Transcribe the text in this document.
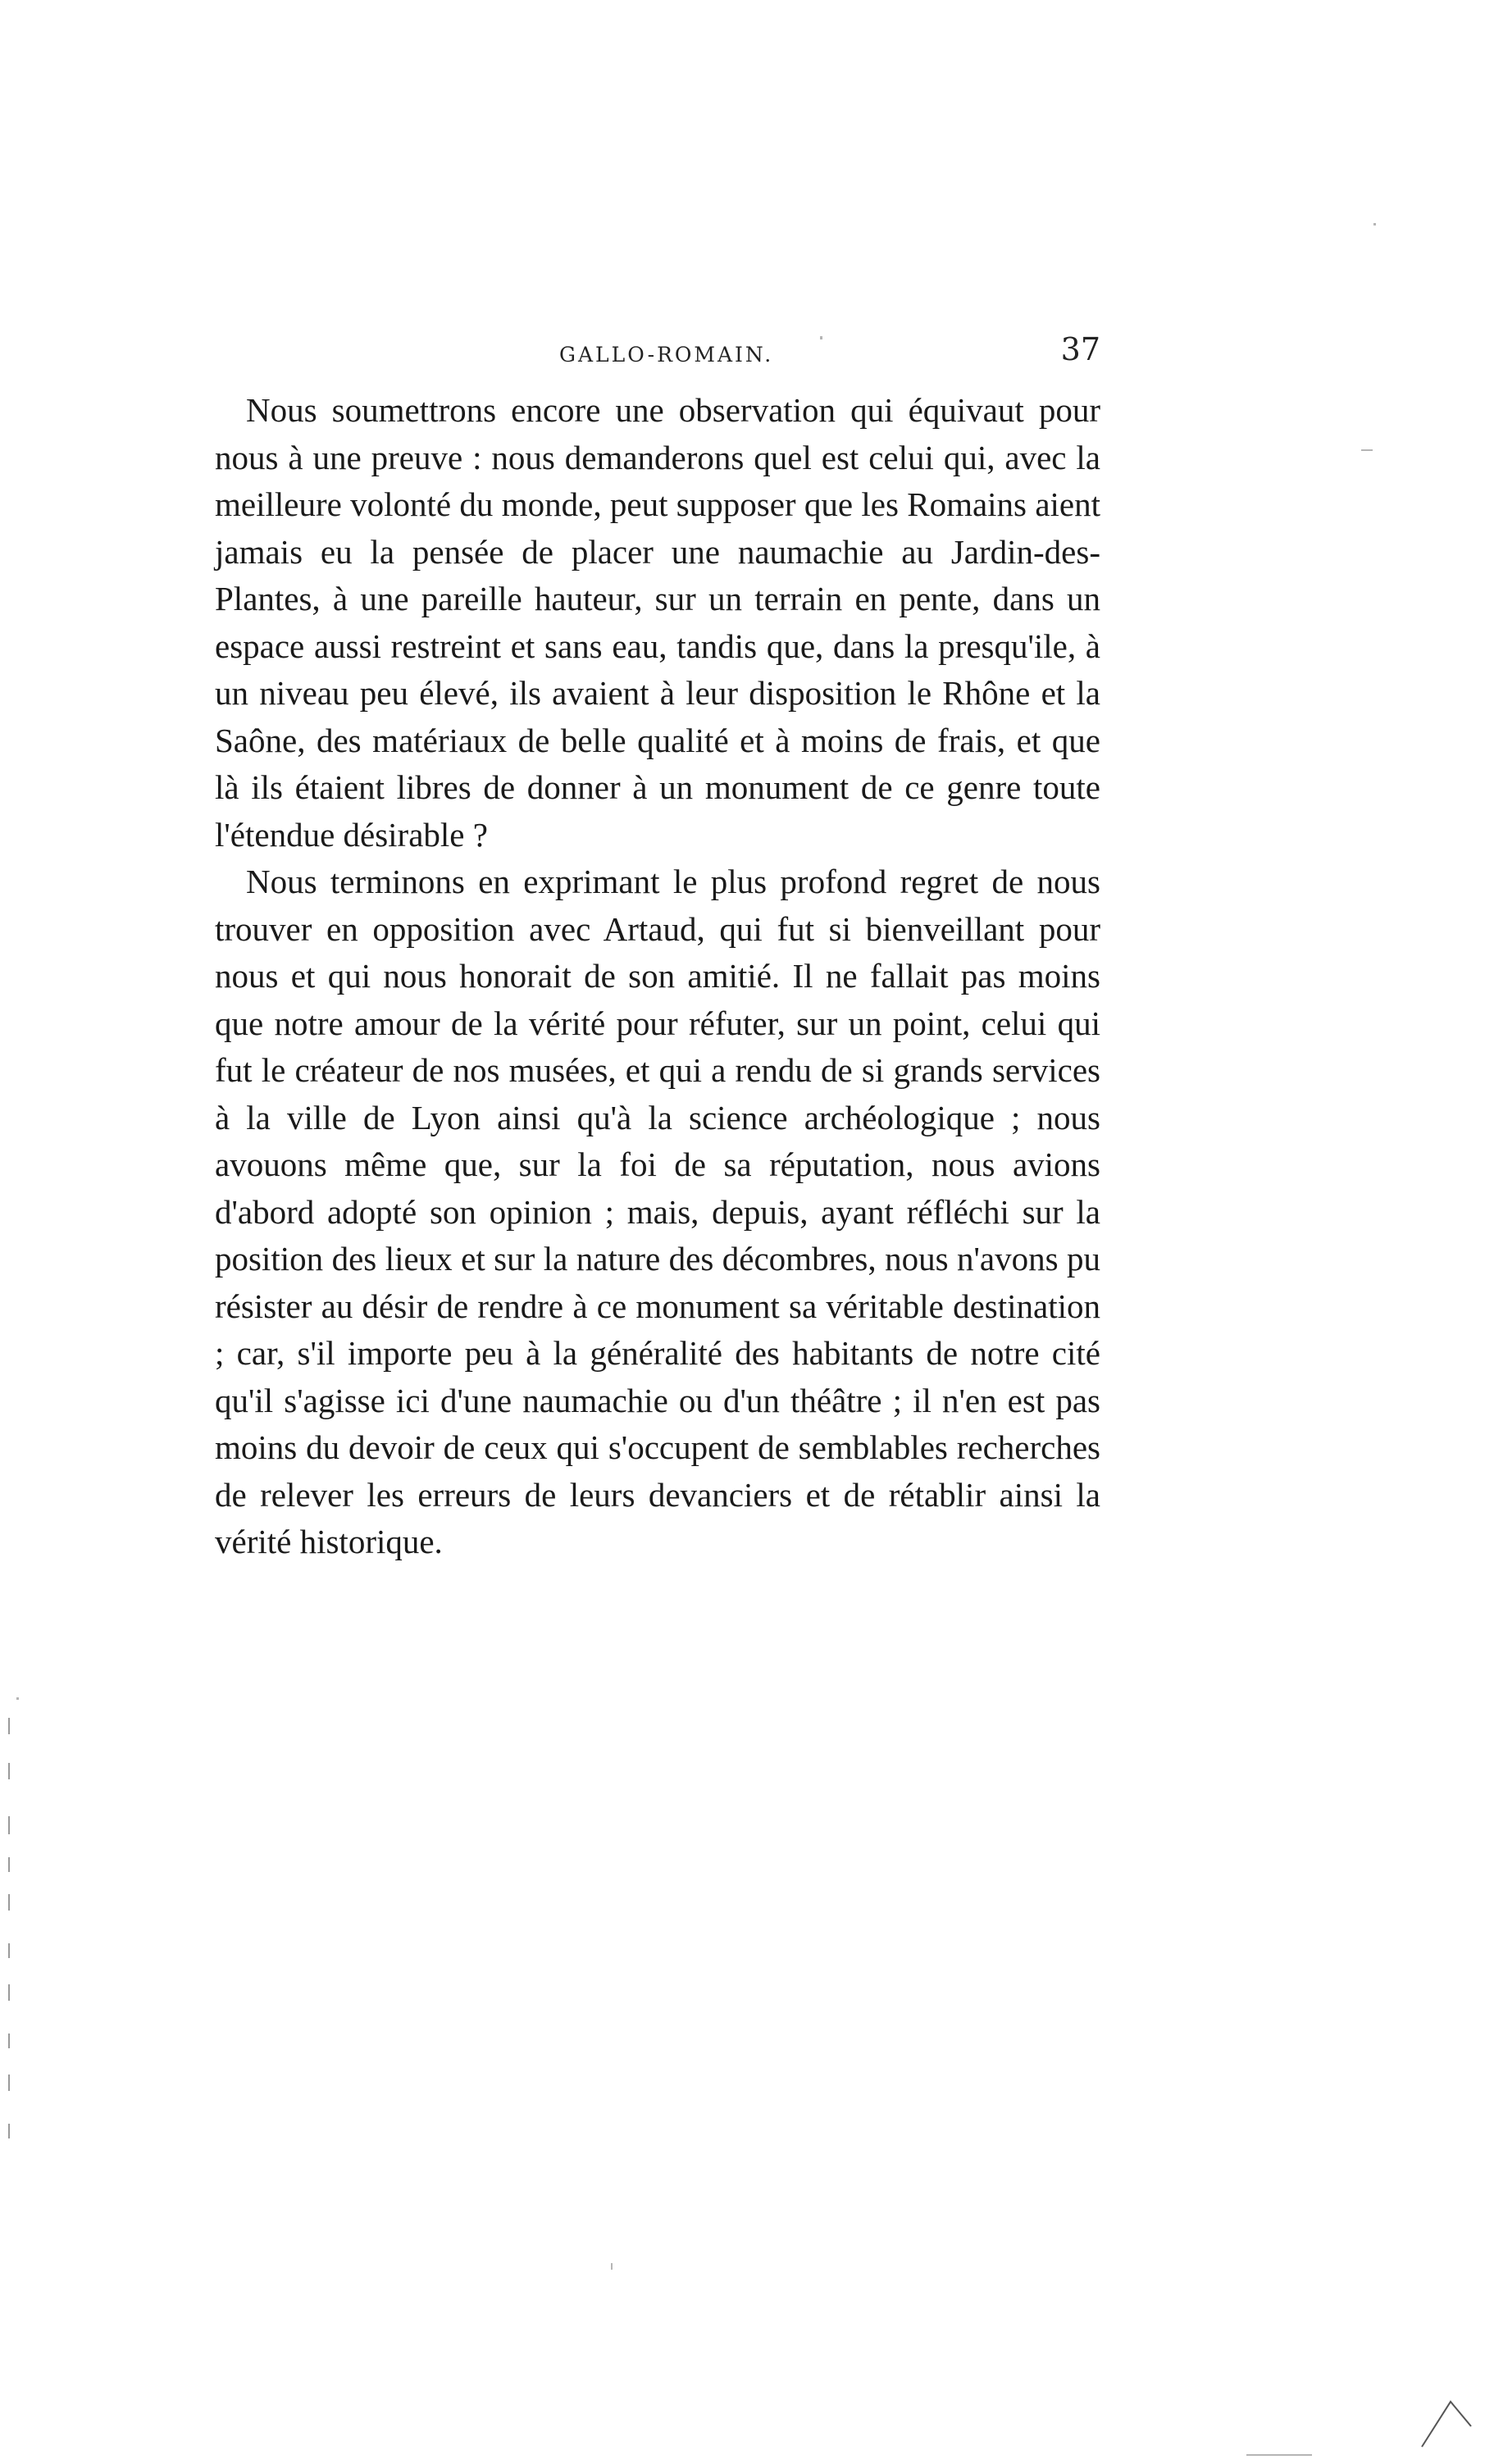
GALLO-ROMAIN.	37

Nous soumettrons encore une observation qui équivaut pour nous à une preuve : nous demanderons quel est celui qui, avec la meilleure volonté du monde, peut supposer que les Romains aient jamais eu la pensée de placer une naumachie au Jardin-des-Plantes, à une pareille hauteur, sur un terrain en pente, dans un espace aussi restreint et sans eau, tandis que, dans la presqu'ile, à un niveau peu élevé, ils avaient à leur disposition le Rhône et la Saône, des matériaux de belle qualité et à moins de frais, et que là ils étaient libres de donner à un monument de ce genre toute l'étendue désirable ?

Nous terminons en exprimant le plus profond regret de nous trouver en opposition avec Artaud, qui fut si bienveillant pour nous et qui nous honorait de son amitié. Il ne fallait pas moins que notre amour de la vérité pour réfuter, sur un point, celui qui fut le créateur de nos musées, et qui a rendu de si grands services à la ville de Lyon ainsi qu'à la science archéologique ; nous avouons même que, sur la foi de sa réputation, nous avions d'abord adopté son opinion ; mais, depuis, ayant réfléchi sur la position des lieux et sur la nature des décombres, nous n'avons pu résister au désir de rendre à ce monument sa véritable destination ; car, s'il importe peu à la généralité des habitants de notre cité qu'il s'agisse ici d'une naumachie ou d'un théâtre ; il n'en est pas moins du devoir de ceux qui s'occupent de semblables recherches de relever les erreurs de leurs devanciers et de rétablir ainsi la vérité historique.
